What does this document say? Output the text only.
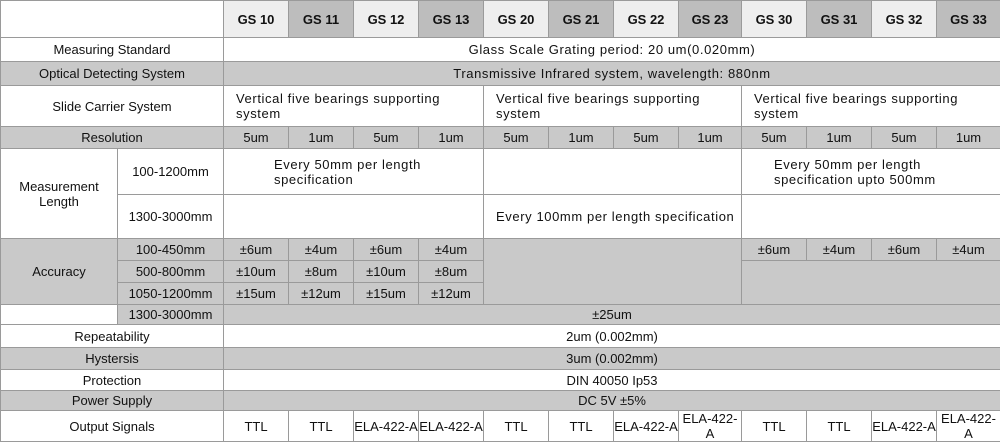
		GS 10	GS 11	GS 12	GS 13	GS 20	GS 21	GS 22	GS 23	GS 30	GS 31	GS 32	GS 33
Measuring Standard		Glass Scale Grating period: 20 um(0.020mm)											
Optical Detecting System		Transmissive Infrared system, wavelength: 880nm											
Slide Carrier System		Vertical five bearings supporting system				Vertical five bearings supporting system				Vertical five bearings supporting system			
Resolution		5um	1um	5um	1um	5um	1um	5um	1um	5um	1um	5um	1um
Measurement Length	100-1200mm	Every 50mm per length specification								Every 50mm per length specification upto 500mm			
	1300-3000mm					Every 100mm per length specification							
Accuracy	100-450mm	±6um	±4um	±6um	±4um					±6um	±4um	±6um	±4um
	500-800mm	±10um	±8um	±10um	±8um								
	1050-1200mm	±15um	±12um	±15um	±12um								
	1300-3000mm	±25um											
Repeatability		2um (0.002mm)											
Hystersis		3um (0.002mm)											
Protection		DIN 40050 Ip53											
Power Supply		DC 5V ±5%											
Output Signals		TTL	TTL	ELA-422-A	ELA-422-A	TTL	TTL	ELA-422-A	ELA-422-A	TTL	TTL	ELA-422-A	ELA-422-A
